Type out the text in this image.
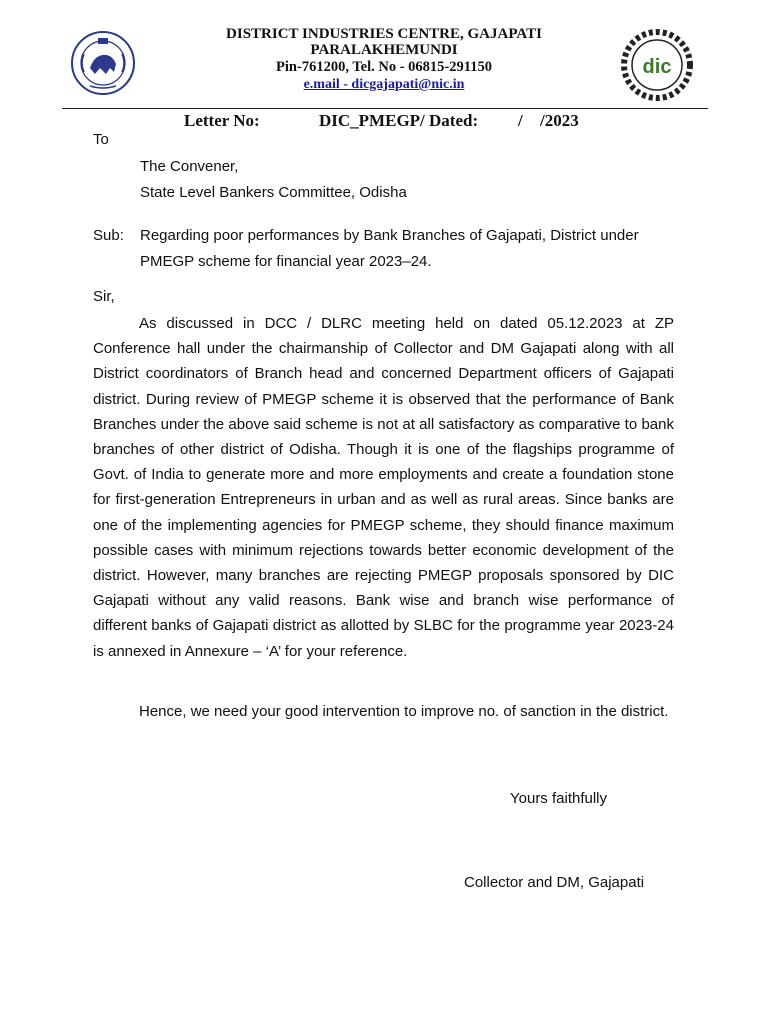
dic
DISTRICT INDUSTRIES CENTRE, GAJAPATI
PARALAKHEMUNDI
Pin-761200, Tel. No - 06815-291150
e.mail - dicgajapati@nic.in
Letter No:	DIC_PMEGP/ Dated: / /2023
To
The Convener,
State Level Bankers Committee, Odisha
Sub: Regarding poor performances by Bank Branches of Gajapati, District under
PMEGP scheme for financial year 2023–24.
Sir,

As discussed in DCC / DLRC meeting held on dated 05.12.2023 at ZP Conference hall under the chairmanship of Collector and DM Gajapati along with all District coordinators of Branch head and concerned Department officers of Gajapati district. During review of PMEGP scheme it is observed that the performance of Bank Branches under the above said scheme is not at all satisfactory as comparative to bank branches of other district of Odisha. Though it is one of the flagships programme of Govt. of India to generate more and more employments and create a foundation stone for first-generation Entrepreneurs in urban and as well as rural areas. Since banks are one of the implementing agencies for PMEGP scheme, they should finance maximum possible cases with minimum rejections towards better economic development of the district. However, many branches are rejecting PMEGP proposals sponsored by DIC Gajapati without any valid reasons. Bank wise and branch wise performance of different banks of Gajapati district as allotted by SLBC for the programme year 2023-24 is annexed in Annexure – ‘A’ for your reference.

Hence, we need your good intervention to improve no. of sanction in the district.

Yours faithfully
Collector and DM, Gajapati
